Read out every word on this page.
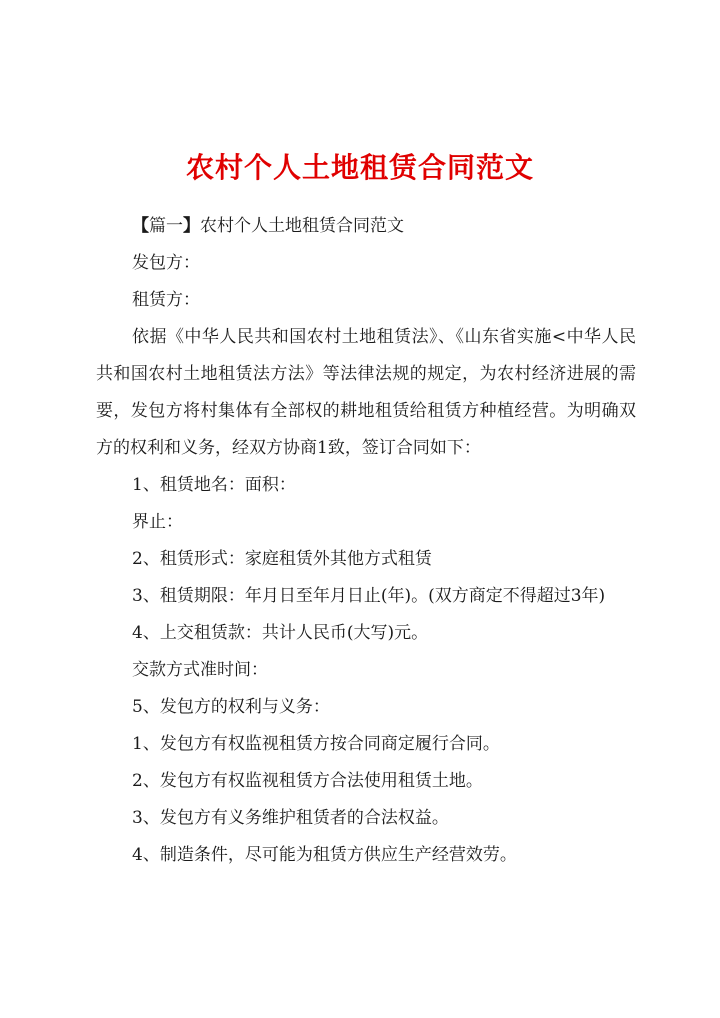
农村个人土地租赁合同范文

【篇一】农村个人土地租赁合同范文

发包方：

租赁方：

依据《中华人民共和国农村土地租赁法》、《山东省实施<中华人民共和国农村土地租赁法方法》等法律法规的规定，为农村经济进展的需要，发包方将村集体有全部权的耕地租赁给租赁方种植经营。为明确双方的权利和义务，经双方协商1致，签订合同如下：

1、租赁地名：面积：

界止：

2、租赁形式：家庭租赁外其他方式租赁

3、租赁期限：年月日至年月日止(年)。(双方商定不得超过3年)

4、上交租赁款：共计人民币(大写)元。

交款方式准时间：

5、发包方的权利与义务：

1、发包方有权监视租赁方按合同商定履行合同。

2、发包方有权监视租赁方合法使用租赁土地。

3、发包方有义务维护租赁者的合法权益。

4、制造条件，尽可能为租赁方供应生产经营效劳。
